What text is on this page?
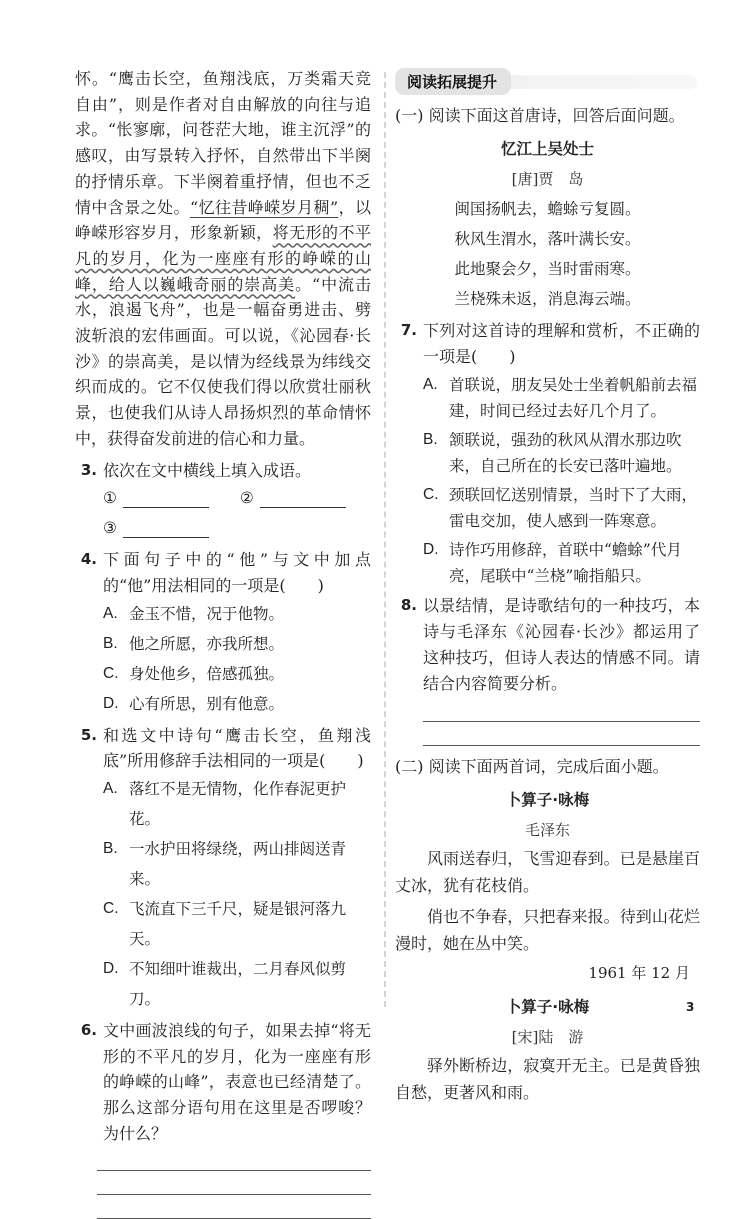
怀。“鹰击长空，鱼翔浅底，万类霜天竞自由”，则是作者对自由解放的向往与追求。“怅寥廓，问苍茫大地，谁主沉浮”的感叹，由写景转入抒怀，自然带出下半阕的抒情乐章。下半阕着重抒情，但也不乏情中含景之处。“忆往昔峥嵘岁月稠”，以峥嵘形容岁月，形象新颖，将无形的不平凡的岁月，化为一座座有形的峥嵘的山峰，给人以巍峨奇丽的崇高美。“中流击水，浪遏飞舟”，也是一幅奋勇进击、劈波斩浪的宏伟画面。可以说，《沁园春·长沙》的崇高美，是以情为经线景为纬线交织而成的。它不仅使我们得以欣赏壮丽秋景，也使我们从诗人昂扬炽烈的革命情怀中，获得奋发前进的信心和力量。

3. 依次在文中横线上填入成语。
①	②
③
4. 下面句子中的“他”与文中加点的“他”用法相同的一项是(　　)
A. 金玉不惜，况于他物。
B. 他之所愿，亦我所想。
C. 身处他乡，倍感孤独。
D. 心有所思，别有他意。
5. 和选文中诗句“鹰击长空，鱼翔浅底”所用修辞手法相同的一项是(　　)
A. 落红不是无情物，化作春泥更护花。
B. 一水护田将绿绕，两山排闼送青来。
C. 飞流直下三千尺，疑是银河落九天。
D. 不知细叶谁裁出，二月春风似剪刀。
6. 文中画波浪线的句子，如果去掉“将无形的不平凡的岁月，化为一座座有形的峥嵘的山峰”，表意也已经清楚了。那么这部分语句用在这里是否啰唆？为什么？
阅读拓展提升
(一) 阅读下面这首唐诗，回答后面问题。
忆江上吴处士
[唐]贾　岛
闽国扬帆去，蟾蜍亏复圆。
秋风生渭水，落叶满长安。
此地聚会夕，当时雷雨寒。
兰桡殊未返，消息海云端。
7. 下列对这首诗的理解和赏析，不正确的一项是(　　)
A. 首联说，朋友吴处士坐着帆船前去福建，时间已经过去好几个月了。
B. 颔联说，强劲的秋风从渭水那边吹来，自己所在的长安已落叶遍地。
C. 颈联回忆送别情景，当时下了大雨，雷电交加，使人感到一阵寒意。
D. 诗作巧用修辞，首联中“蟾蜍”代月亮，尾联中“兰桡”喻指船只。
8. 以景结情，是诗歌结句的一种技巧，本诗与毛泽东《沁园春·长沙》都运用了这种技巧，但诗人表达的情感不同。请结合内容简要分析。
(二) 阅读下面两首词，完成后面小题。
卜算子·咏梅
毛泽东

风雨送春归，飞雪迎春到。已是悬崖百丈冰，犹有花枝俏。

俏也不争春，只把春来报。待到山花烂漫时，她在丛中笑。

1961 年 12 月
卜算子·咏梅
[宋]陆　游

驿外断桥边，寂寞开无主。已是黄昏独自愁，更著风和雨。

3
